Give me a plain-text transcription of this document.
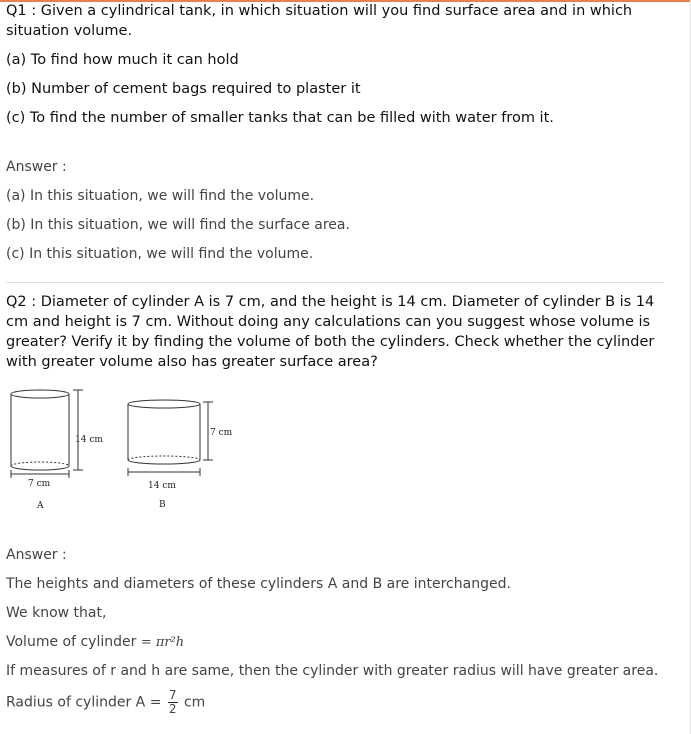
Q1 : Given a cylindrical tank, in which situation will you find surface area and in which situation volume.
(a) To find how much it can hold
(b) Number of cement bags required to plaster it
(c) To find the number of smaller tanks that can be filled with water from it.
Answer :
(a) In this situation, we will find the volume.
(b) In this situation, we will find the surface area.
(c) In this situation, we will find the volume.
Q2 : Diameter of cylinder A is 7 cm, and the height is 14 cm. Diameter of cylinder B is 14 cm and height is 7 cm. Without doing any calculations can you suggest whose volume is greater? Verify it by finding the volume of both the cylinders. Check whether the cylinder with greater volume also has greater surface area?
14 cm
7 cm
A
7 cm
14 cm
B
Answer :
The heights and diameters of these cylinders A and B are interchanged.
We know that,
Volume of cylinder = πr²h
If measures of r and h are same, then the cylinder with greater radius will have greater area.
Radius of cylinder $A = \frac{7}{2}$ cm
